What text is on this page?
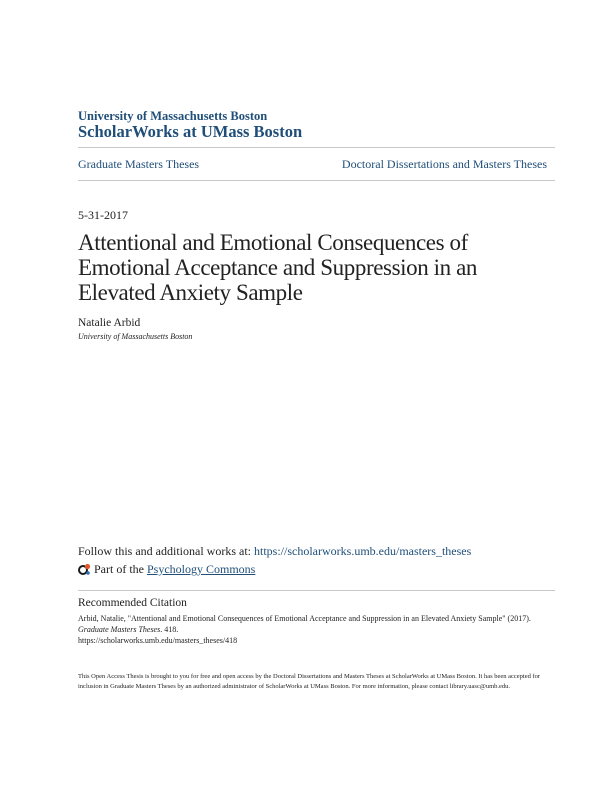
University of Massachusetts Boston
ScholarWorks at UMass Boston
Graduate Masters Theses	Doctoral Dissertations and Masters Theses
5-31-2017
Attentional and Emotional Consequences of Emotional Acceptance and Suppression in an Elevated Anxiety Sample
Natalie Arbid
University of Massachusetts Boston
Follow this and additional works at: https://scholarworks.umb.edu/masters_theses
Part of the
Psychology Commons
Recommended Citation
Arbid, Natalie, "Attentional and Emotional Consequences of Emotional Acceptance and Suppression in an Elevated Anxiety Sample" (2017). Graduate Masters Theses. 418.
https://scholarworks.umb.edu/masters_theses/418
This Open Access Thesis is brought to you for free and open access by the Doctoral Dissertations and Masters Theses at ScholarWorks at UMass Boston. It has been accepted for inclusion in Graduate Masters Theses by an authorized administrator of ScholarWorks at UMass Boston. For more information, please contact library.uasc@umb.edu.
